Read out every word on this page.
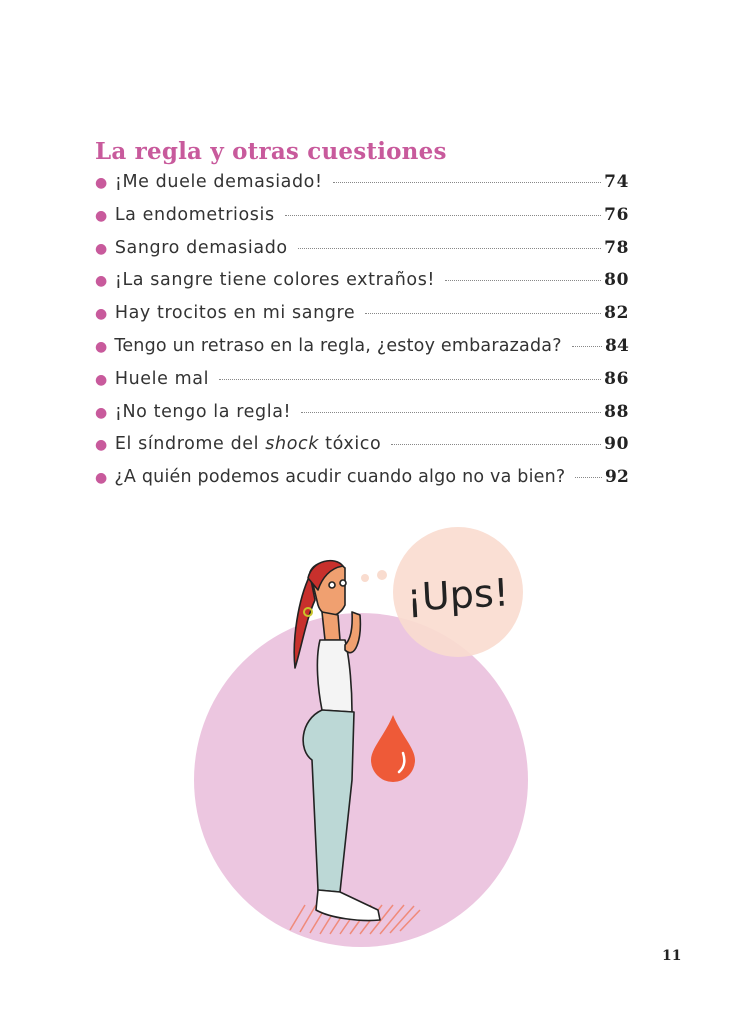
La regla y otras cuestiones
● ¡Me duele demasiado!	74
● La endometriosis	76
● Sangro demasiado	78
● ¡La sangre tiene colores extraños!	80
● Hay trocitos en mi sangre	82
● Tengo un retraso en la regla, ¿estoy embarazada?	84
● Huele mal	86
● ¡No tengo la regla!	88
● El síndrome del shock tóxico	90
● ¿A quién podemos acudir cuando algo no va bien? 92
¡Ups!
11
